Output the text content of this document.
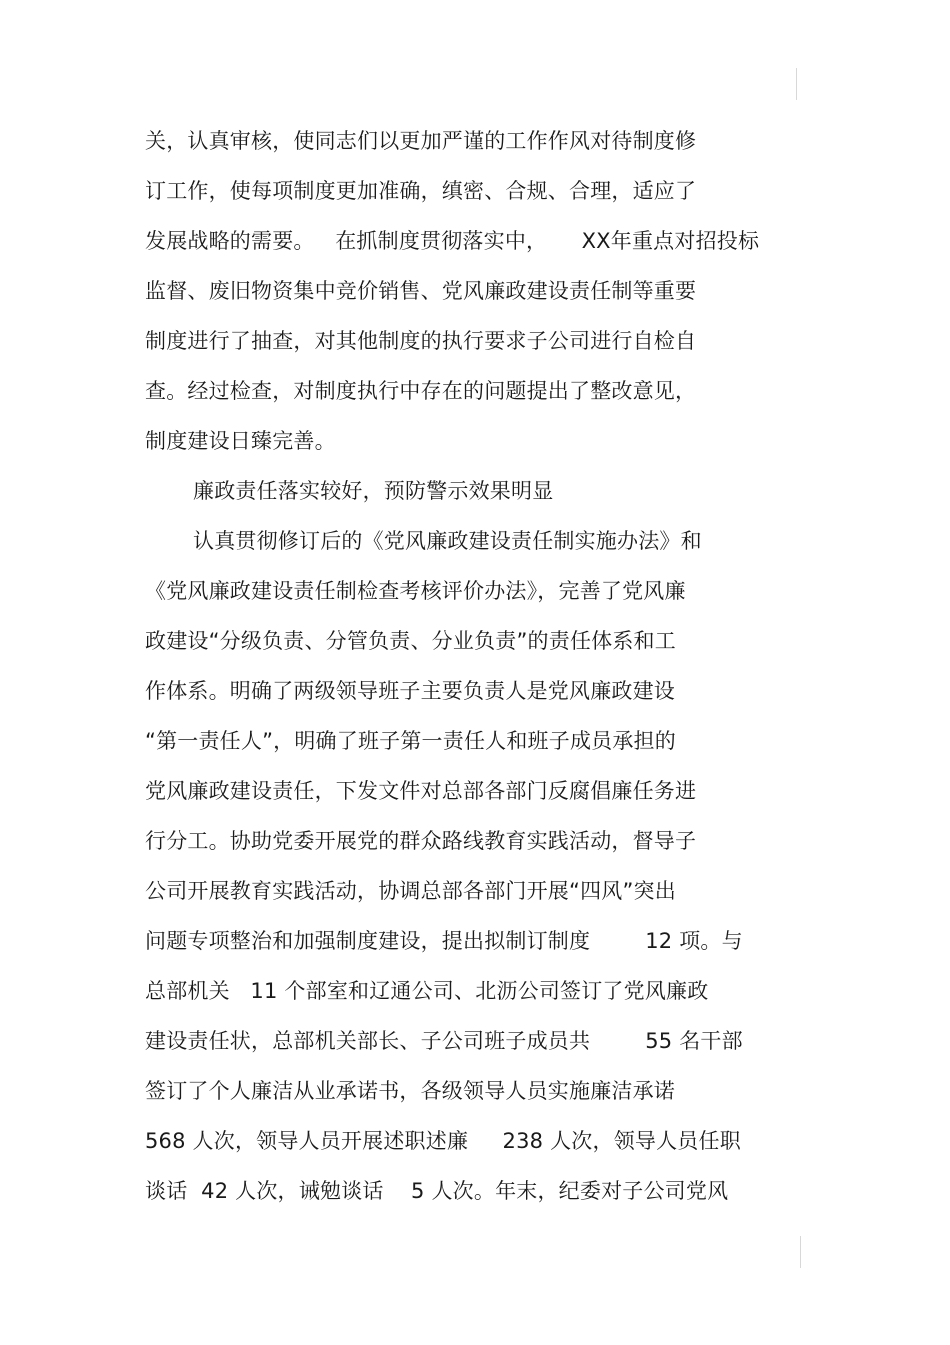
关，认真审核，使同志们以更加严谨的工作作风对待制度修
订工作，使每项制度更加准确，缜密、合规、合理，适应了
发展战略的需要。   在抓制度贯彻落实中，     XX年重点对招投标
监督、废旧物资集中竞价销售、党风廉政建设责任制等重要
制度进行了抽查，对其他制度的执行要求子公司进行自检自
查。经过检查，对制度执行中存在的问题提出了整改意见，
制度建设日臻完善。
廉政责任落实较好，预防警示效果明显
认真贯彻修订后的《党风廉政建设责任制实施办法》和
《党风廉政建设责任制检查考核评价办法》，完善了党风廉
政建设“分级负责、分管负责、分业负责”的责任体系和工
作体系。明确了两级领导班子主要负责人是党风廉政建设
“第一责任人”，明确了班子第一责任人和班子成员承担的
党风廉政建设责任，下发文件对总部各部门反腐倡廉任务进
行分工。协助党委开展党的群众路线教育实践活动，督导子
公司开展教育实践活动，协调总部各部门开展“四风”突出
问题专项整治和加强制度建设，提出拟制订制度        12 项。与
总部机关   11 个部室和辽通公司、北沥公司签订了党风廉政
建设责任状，总部机关部长、子公司班子成员共        55 名干部
签订了个人廉洁从业承诺书，各级领导人员实施廉洁承诺
568 人次，领导人员开展述职述廉     238 人次，领导人员任职
谈话  42 人次，诫勉谈话    5 人次。年末，纪委对子公司党风
